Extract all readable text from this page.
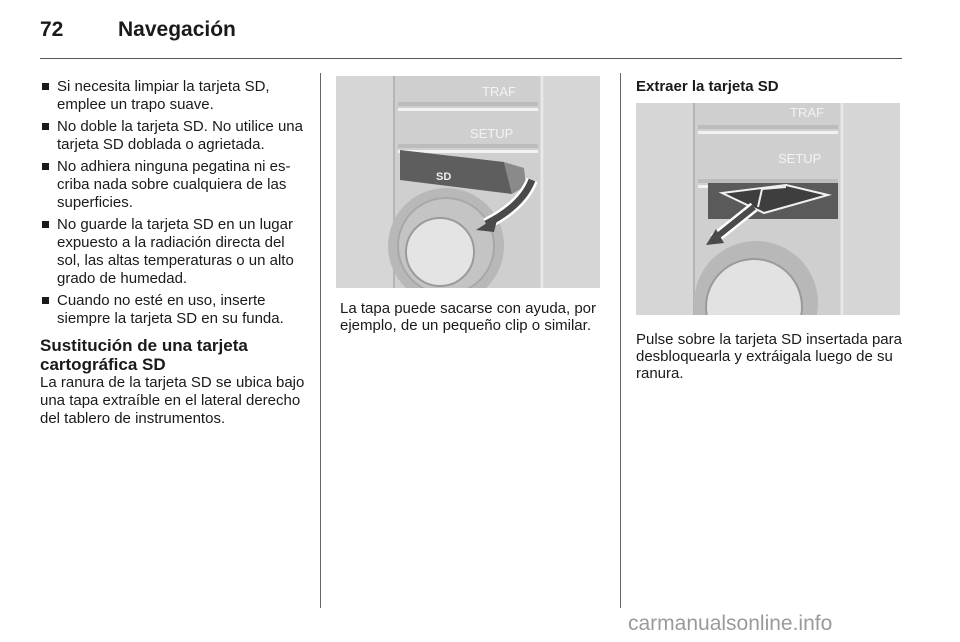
72	Navegación
Si necesita limpiar la tarjeta SD, emplee un trapo suave.
No doble la tarjeta SD. No utilice una tarjeta SD doblada o agrietada.
No adhiera ninguna pegatina ni escriba nada sobre cualquiera de las superficies.
No guarde la tarjeta SD en un lugar expuesto a la radiación directa del sol, las altas temperaturas o un alto grado de humedad.
Cuando no esté en uso, inserte siempre la tarjeta SD en su funda.
Sustitución de una tarjeta cartográfica SD

La ranura de la tarjeta SD se ubica bajo una tapa extraíble en el lateral derecho del tablero de instrumentos.

TRAF
SETUP
SD
La tapa puede sacarse con ayuda, por ejemplo, de un pequeño clip o similar.
Extraer la tarjeta SD
TRAF
SETUP
Pulse sobre la tarjeta SD insertada para desbloquearla y extráigala luego de su ranura.
carmanualsonline.info
